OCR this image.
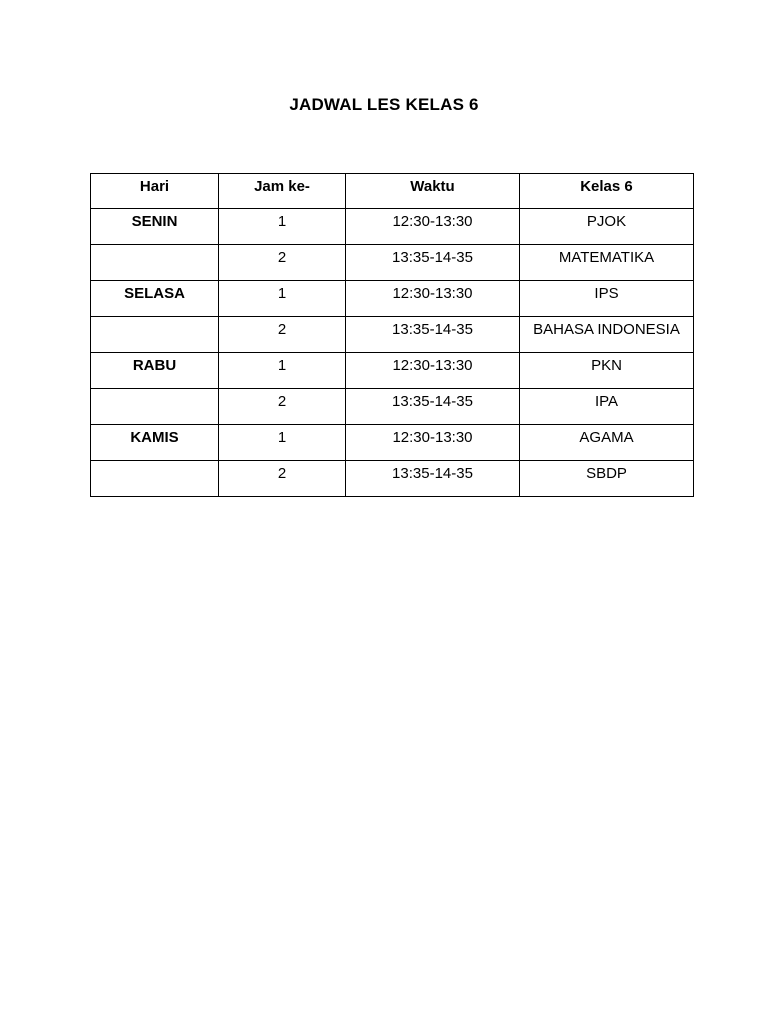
JADWAL LES KELAS 6
Hari	Jam ke-	Waktu	Kelas 6
SENIN	1	12:30-13:30	PJOK
	2	13:35-14-35	MATEMATIKA
SELASA	1	12:30-13:30	IPS
	2	13:35-14-35	BAHASA INDONESIA
RABU	1	12:30-13:30	PKN
	2	13:35-14-35	IPA
KAMIS	1	12:30-13:30	AGAMA
	2	13:35-14-35	SBDP
